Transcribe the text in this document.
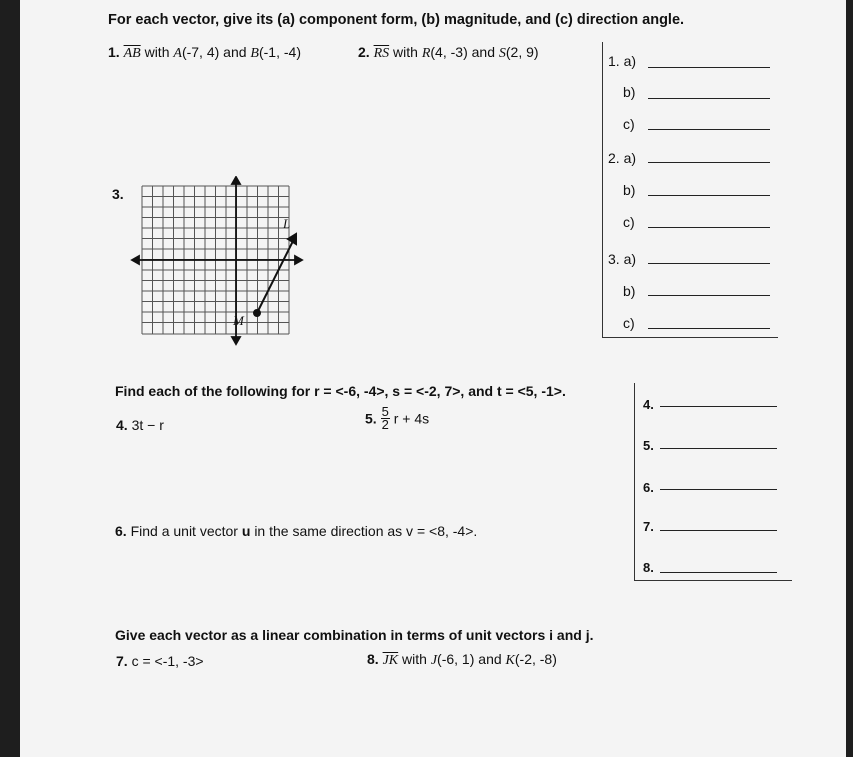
For each vector, give its (a) component form, (b) magnitude, and (c) direction angle.
1. $\overline{AB}$ with A(-7, 4) and B(-1, -4)	2. $\overline{RS}$ with R(4, -3) and S(2, 9)
3.
L
M
1. a)
b)
c)
2. a)
b)
c)
3. a)
b)
c)
Find each of the following for r = <-6, -4>, s = <-2, 7>, and t = <5, -1>.
4. 3t − r	5. $\frac{5}{2}$ r + 4s
6. Find a unit vector u in the same direction as v = <8, -4>.
4.
5.
6.
7.
8.
Give each vector as a linear combination in terms of unit vectors i and j.
7. c = <-1, -3>	8. $\overline{JK}$ with J(-6, 1) and K(-2, -8)
